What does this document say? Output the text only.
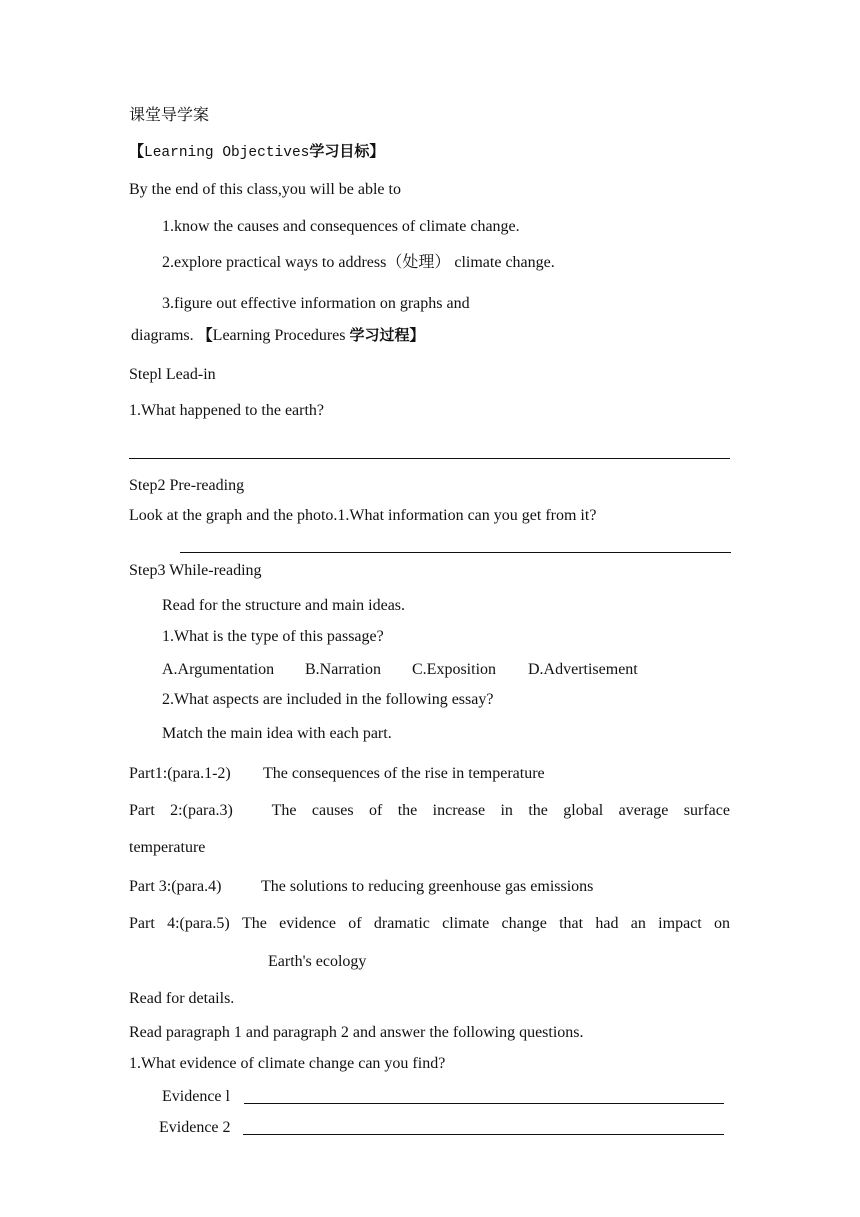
课堂导学案
【Learning Objectives学习目标】
By the end of this class,you will be able to
1.know the causes and consequences of climate change.
2.explore practical ways to address（处理） climate change.
3.figure out effective information on graphs and
diagrams. 【Learning Procedures 学习过程】
Stepl Lead-in
1.What happened to the earth?
Step2 Pre-reading
Look at the graph and the photo.1.What information can you get from it?
Step3 While-reading
Read for the structure and main ideas.
1.What is the type of this passage?
A.Argumentation B.Narration C.Exposition D.Advertisement
2.What aspects are included in the following essay?
Match the main idea with each part.
Part1:(para.1-2) The consequences of the rise in temperature
Part 2:(para.3) The causes of the increase in the global average surface
temperature
Part 3:(para.4) The solutions to reducing greenhouse gas emissions
Part 4:(para.5) The evidence of dramatic climate change that had an impact on
Earth's ecology
Read for details.
Read paragraph 1 and paragraph 2 and answer the following questions.
1.What evidence of climate change can you find?
Evidence l
Evidence 2
